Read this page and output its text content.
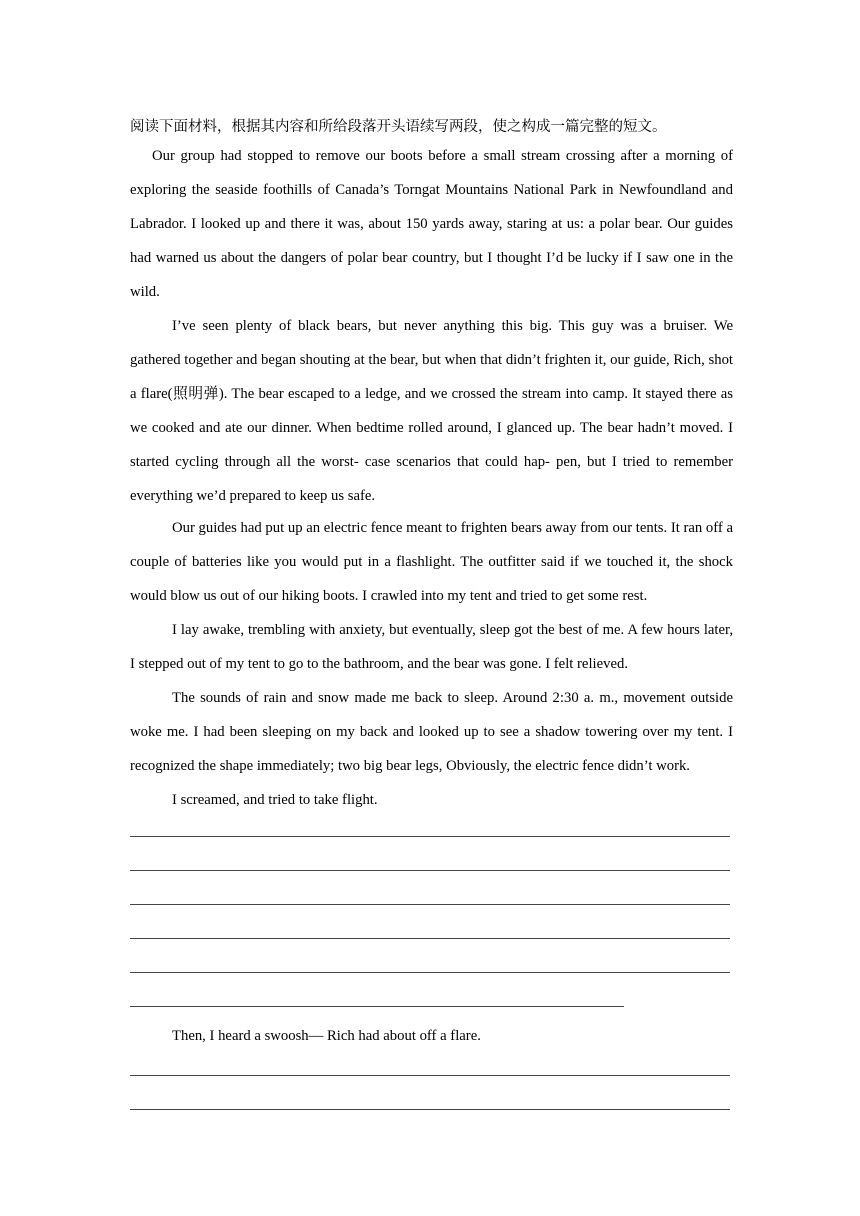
阅读下面材料，根据其内容和所给段落开头语续写两段，使之构成一篇完整的短文。

Our group had stopped to remove our boots before a small stream crossing after a morning of exploring the seaside foothills of Canada’s Torngat Mountains National Park in Newfoundland and Labrador. I looked up and there it was, about 150 yards away, staring at us: a polar bear. Our guides had warned us about the dangers of polar bear country, but I thought I’d be lucky if I saw one in the wild.

I’ve seen plenty of black bears, but never anything this big. This guy was a bruiser. We gathered together and began shouting at the bear, but when that didn’t frighten it, our guide, Rich, shot a flare(照明弹). The bear escaped to a ledge, and we crossed the stream into camp. It stayed there as we cooked and ate our dinner. When bedtime rolled around, I glanced up. The bear hadn’t moved. I started cycling through all the worst- case scenarios that could hap- pen, but I tried to remember everything we’d prepared to keep us safe.

Our guides had put up an electric fence meant to frighten bears away from our tents. It ran off a couple of batteries like you would put in a flashlight. The outfitter said if we touched it, the shock would blow us out of our hiking boots. I crawled into my tent and tried to get some rest.

I lay awake, trembling with anxiety, but eventually, sleep got the best of me. A few hours later, I stepped out of my tent to go to the bathroom, and the bear was gone. I felt relieved.

The sounds of rain and snow made me back to sleep. Around 2:30 a. m., movement outside woke me. I had been sleeping on my back and looked up to see a shadow towering over my tent. I recognized the shape immediately; two big bear legs, Obviously, the electric fence didn’t work.

I screamed, and tried to take flight.

Then, I heard a swoosh— Rich had about off a flare.
